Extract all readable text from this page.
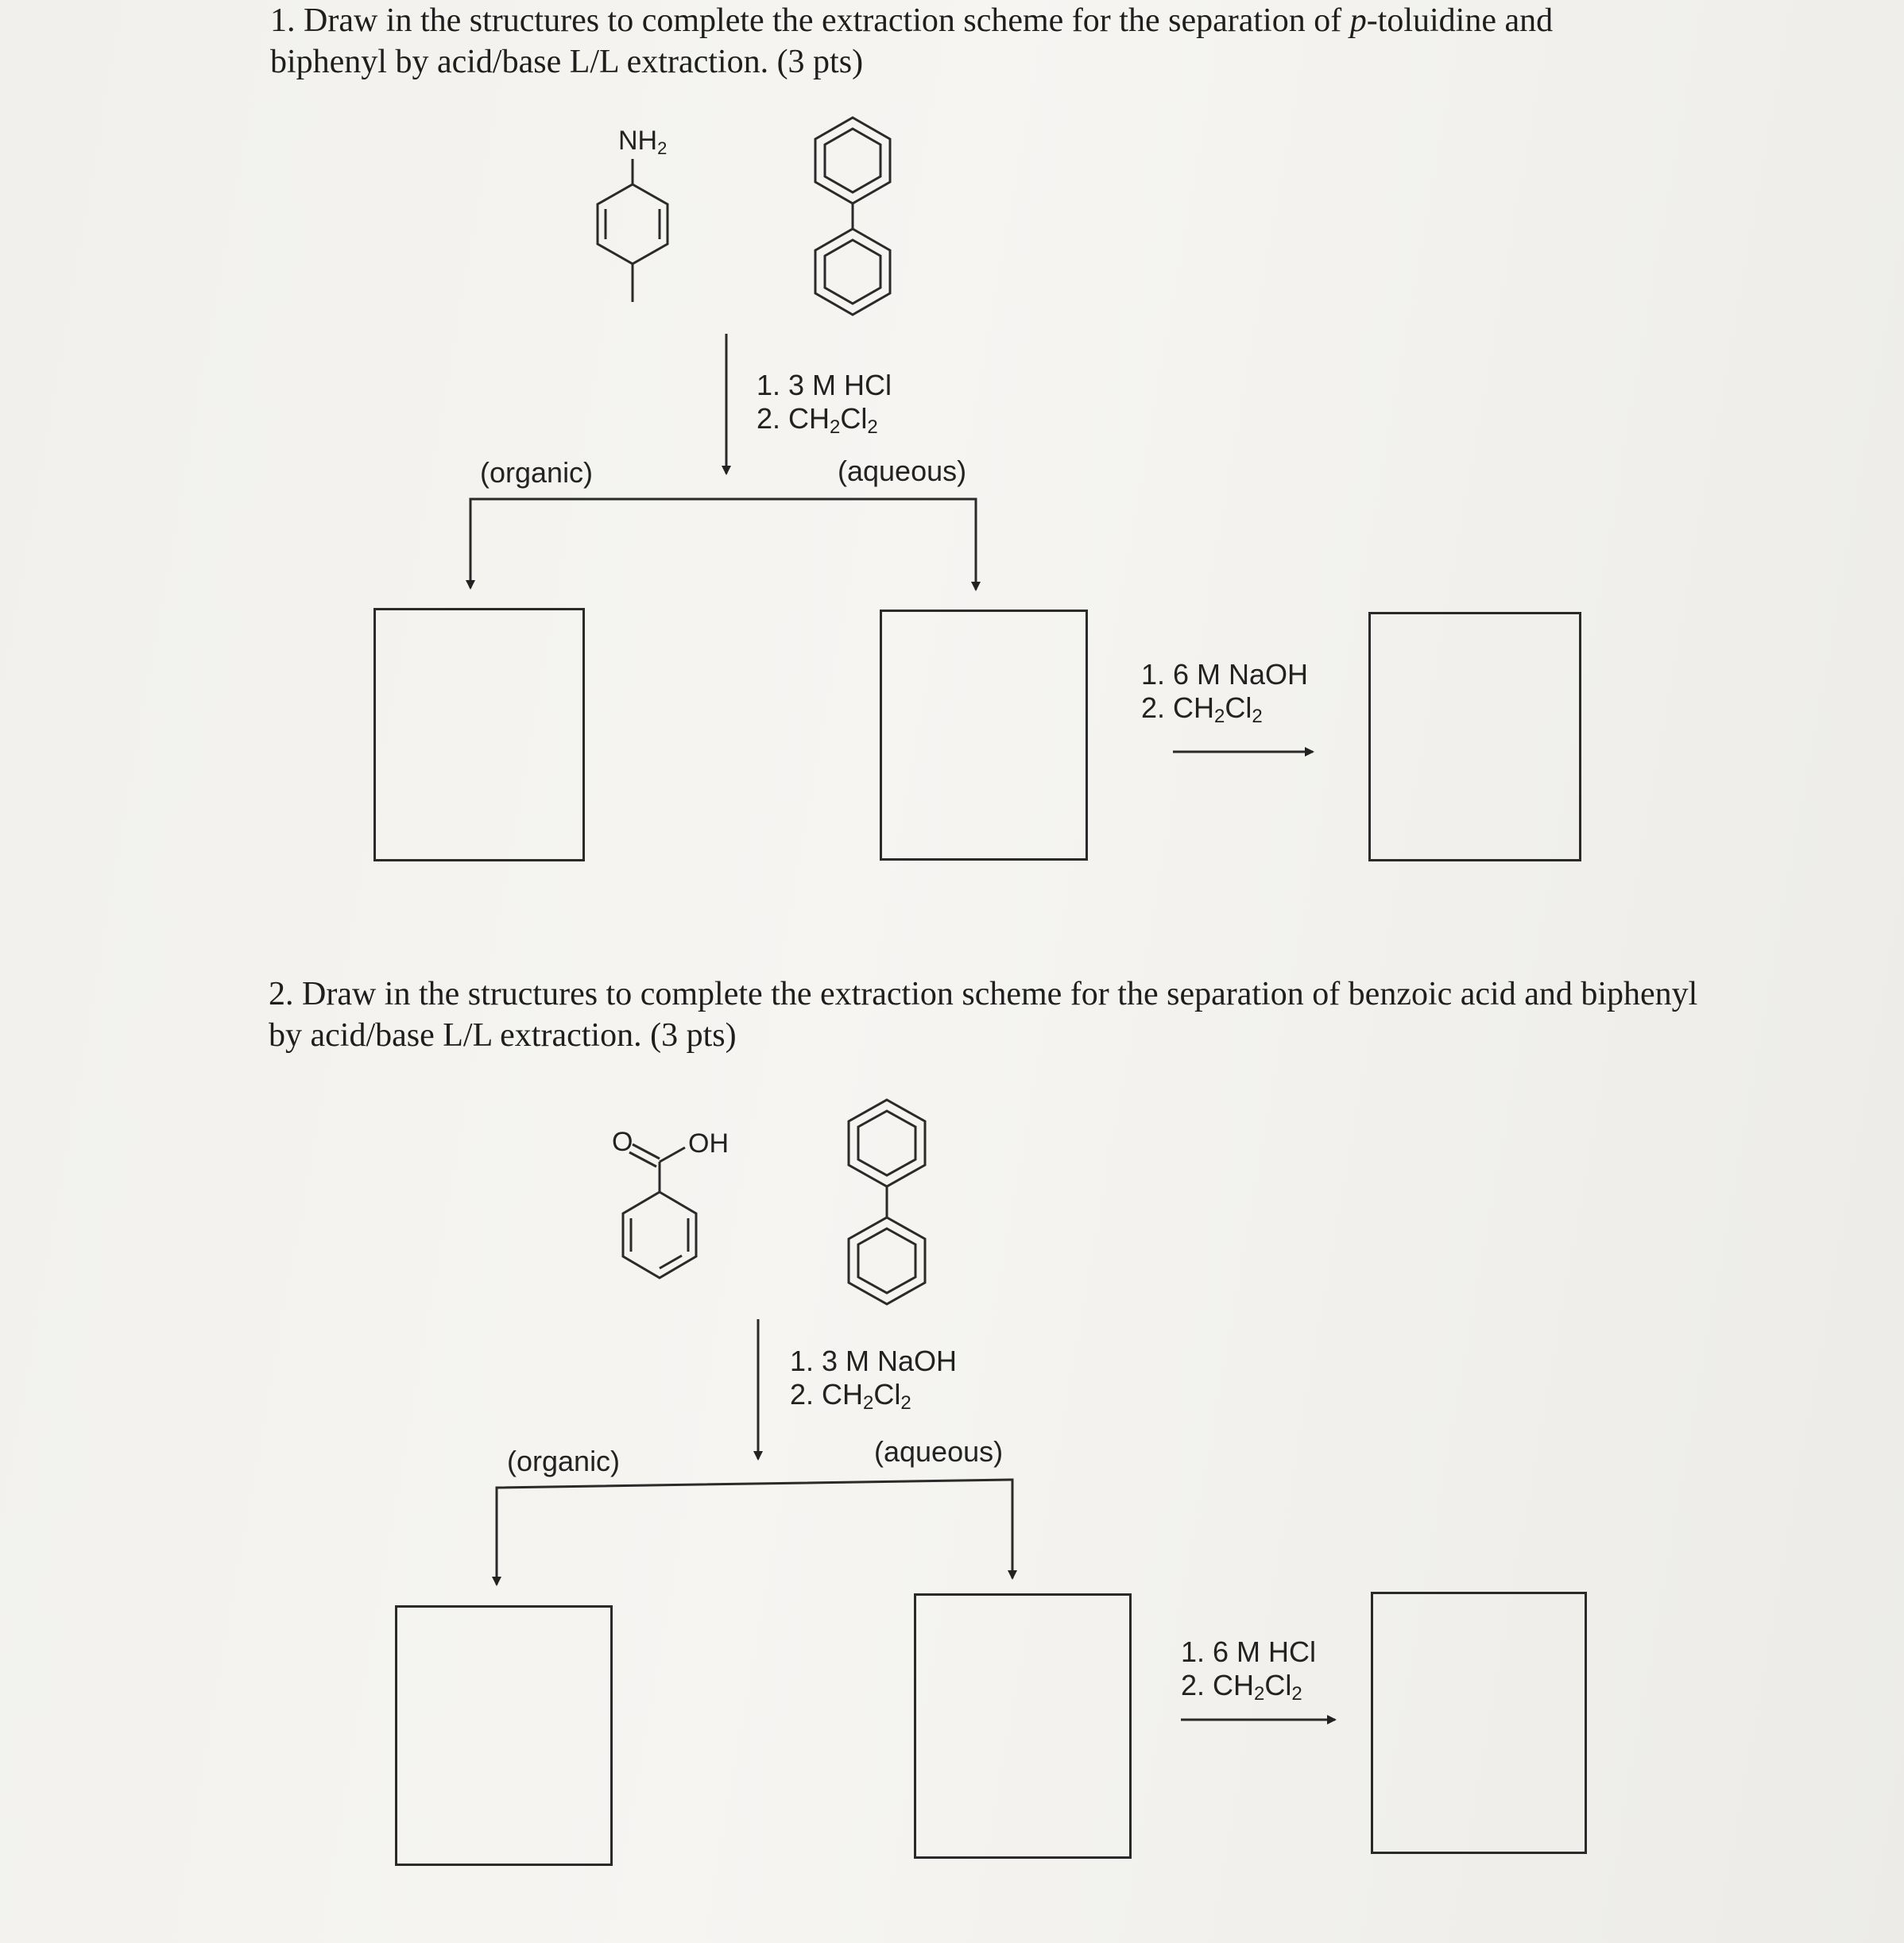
1. Draw in the structures to complete the extraction scheme for the separation of p-toluidine and biphenyl by acid/base L/L extraction. (3 pts)
$NH_2$
1. 3 M HCl
2. $CH_2Cl_2$
(organic)	(aqueous)
1. 6 M NaOH
2. $CH_2Cl_2$
2. Draw in the structures to complete the extraction scheme for the separation of benzoic acid and biphenyl by acid/base L/L extraction. (3 pts)
O OH
1. 3 M NaOH
2. $CH_2Cl_2$
(organic)	(aqueous)
1. 6 M HCl
2. $CH_2Cl_2$
